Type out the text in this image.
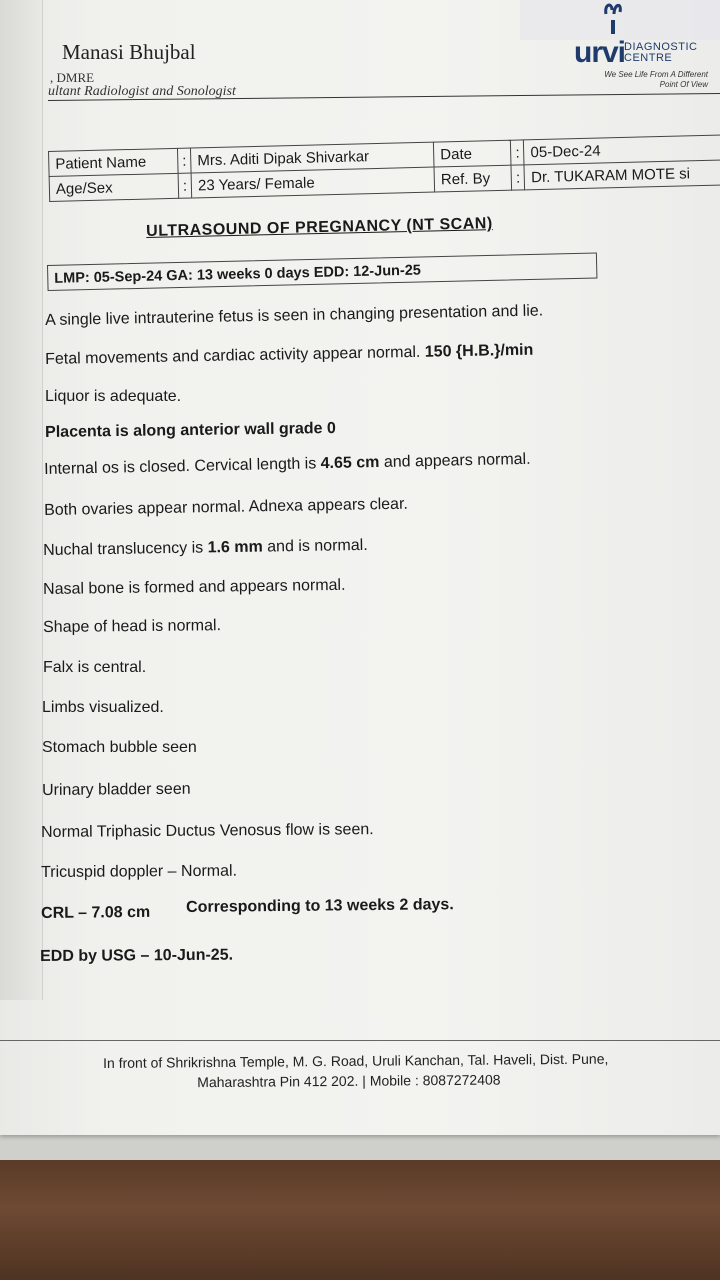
Manasi Bhujbal
, DMRE
ultant Radiologist and Sonologist
urvi
DIAGNOSTIC
CENTRE
We See Life From A Different
Point Of View
Patient Name	:	Mrs. Aditi Dipak Shivarkar	Date	:	05-Dec-24
Age/Sex	:	23 Years/ Female	Ref. By	:	Dr. TUKARAM MOTE si
ULTRASOUND OF PREGNANCY (NT SCAN)
LMP: 05-Sep-24 GA: 13 weeks 0 days EDD: 12-Jun-25
A single live intrauterine fetus is seen in changing presentation and lie.
Fetal movements and cardiac activity appear normal. 150 {H.B.}/min
Liquor is adequate.
Placenta is along anterior wall grade 0
Internal os is closed. Cervical length is 4.65 cm and appears normal.
Both ovaries appear normal. Adnexa appears clear.
Nuchal translucency is 1.6 mm and is normal.
Nasal bone is formed and appears normal.
Shape of head is normal.
Falx is central.
Limbs visualized.
Stomach bubble seen
Urinary bladder seen
Normal Triphasic Ductus Venosus flow is seen.
Tricuspid doppler – Normal.
CRL – 7.08 cm Corresponding to 13 weeks 2 days.
EDD by USG – 10-Jun-25.
In front of Shrikrishna Temple, M. G. Road, Uruli Kanchan, Tal. Haveli, Dist. Pune,
Maharashtra Pin 412 202. | Mobile : 8087272408
